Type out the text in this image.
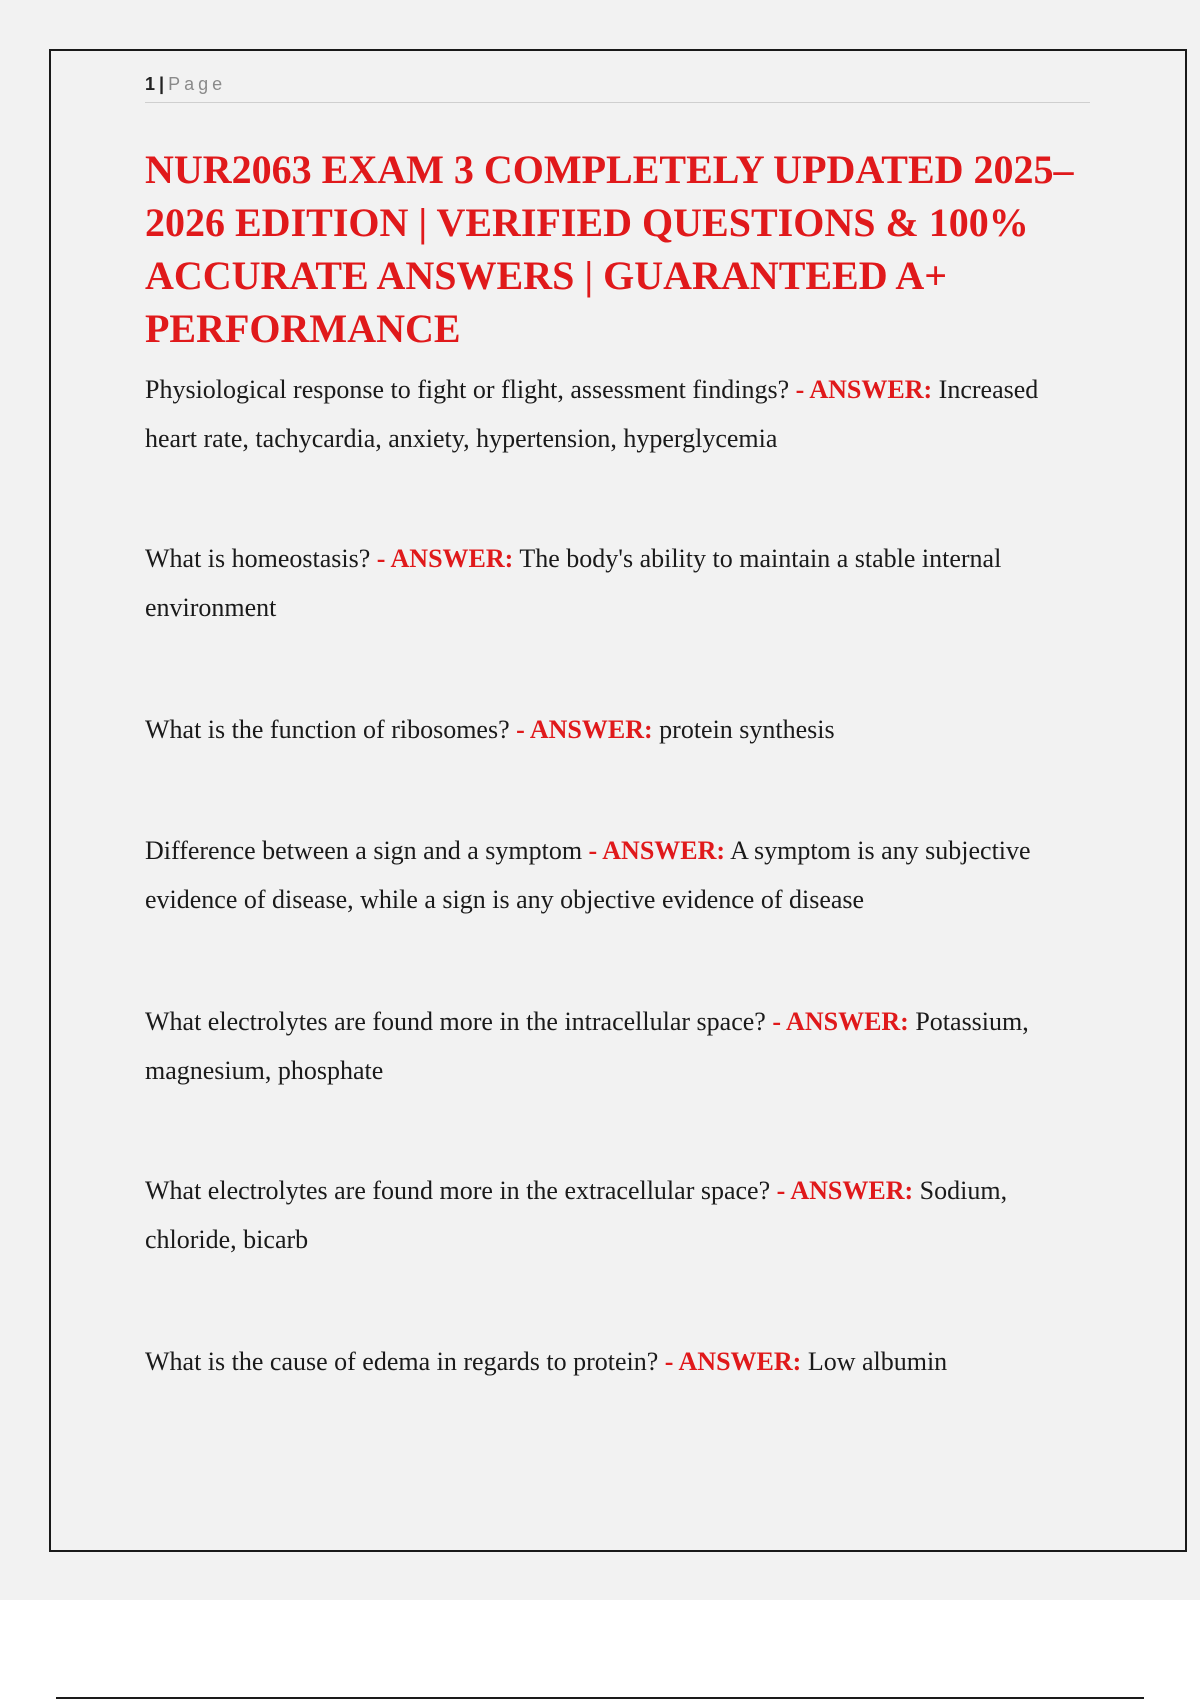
1 | Page
NUR2063 EXAM 3 COMPLETELY UPDATED 2025–2026 EDITION | VERIFIED QUESTIONS & 100% ACCURATE ANSWERS | GUARANTEED A+ PERFORMANCE

Physiological response to fight or flight, assessment findings? - ANSWER: Increased heart rate, tachycardia, anxiety, hypertension, hyperglycemia

What is homeostasis? - ANSWER: The body's ability to maintain a stable internal environment

What is the function of ribosomes? - ANSWER: protein synthesis

Difference between a sign and a symptom - ANSWER: A symptom is any subjective evidence of disease, while a sign is any objective evidence of disease

What electrolytes are found more in the intracellular space? - ANSWER: Potassium, magnesium, phosphate

What electrolytes are found more in the extracellular space? - ANSWER: Sodium, chloride, bicarb

What is the cause of edema in regards to protein? - ANSWER: Low albumin
